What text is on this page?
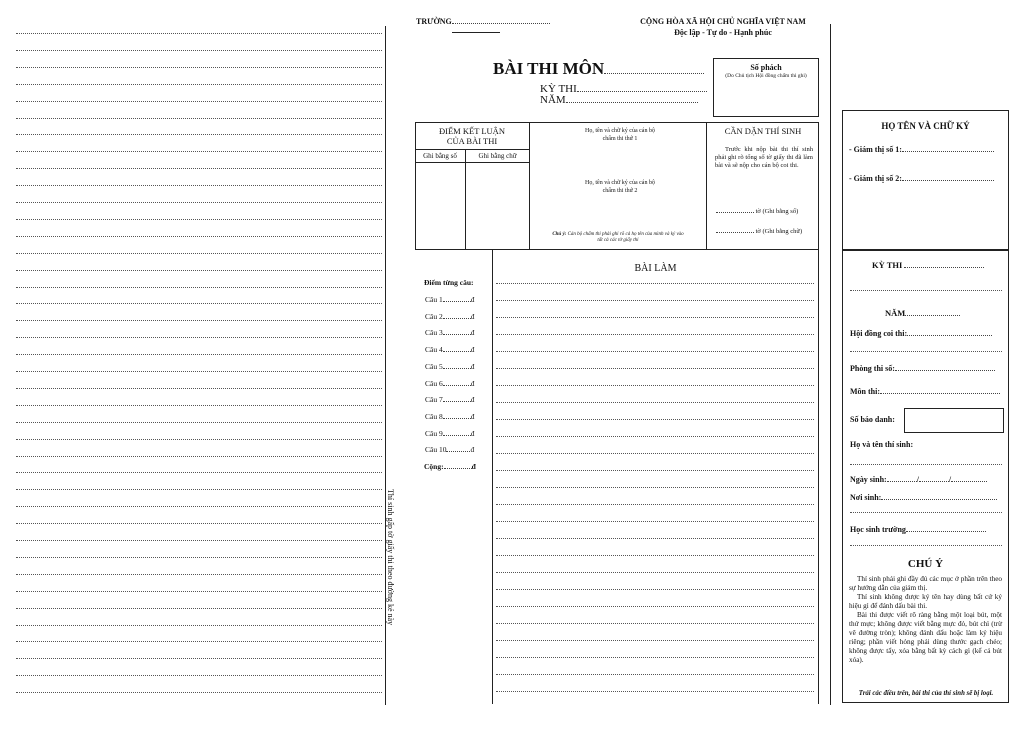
Thí sinh gấp tờ giấy thi theo đường kẻ này
TRƯỜNG	CỘNG HÒA XÃ HỘI CHỦ NGHĨA VIỆT NAM
Độc lập - Tự do - Hạnh phúc
BÀI THI MÔN
KỲ THI
NĂM
Số phách
(Do Chủ tịch Hội đồng chấm thi ghi)
ĐIỂM KẾT LUẬN CỦA BÀI THI
Ghi bằng số	Ghi bằng chữ
Họ, tên và chữ ký của cán bộ chấm thi thứ 1
Họ, tên và chữ ký của cán bộ chấm thi thứ 2
Chú ý: Cán bộ chấm thi phải ghi rõ cả họ tên của mình và ký vào tất cả các tờ giấy thi
CẦN DẶN THÍ SINH
Trước khi nộp bài thi thí sinh phải ghi rõ tổng số tờ giấy thi đã làm bài và sẽ nộp cho cán bộ coi thi.
tờ (Ghi bằng số)
tờ (Ghi bằng chữ)
BÀI LÀM
Điểm từng câu:
Câu 1	đ
Câu 2	đ
Câu 3	đ
Câu 4	đ
Câu 5	đ
Câu 6	đ
Câu 7	đ
Câu 8	đ
Câu 9	đ
Câu 10	đ
Cộng:	đ
HỌ TÊN VÀ CHỮ KÝ
- Giám thị số 1:
- Giám thị số 2:
KỲ THI
NĂM
Hội đồng coi thi:
Phòng thi số:
Môn thi:
Số báo danh:
Họ và tên thí sinh:
Ngày sinh:	/	/
Nơi sinh:
Học sinh trường
CHÚ Ý
Thí sinh phải ghi đầy đủ các mục ở phần trên theo sự hướng dẫn của giám thị.
Thí sinh không được ký tên hay dùng bất cứ ký hiệu gì để đánh dấu bài thi.
Bài thi được viết rõ ràng bằng một loại bút, một thứ mực; không được viết bằng mực đỏ, bút chì (trừ vẽ đường tròn); không đánh dấu hoặc làm ký hiệu riêng; phần viết hỏng phải dùng thước gạch chéo; không được tẩy, xóa bằng bất kỳ cách gì (kể cả bút xóa).
Trái các điều trên, bài thi của thí sinh sẽ bị loại.
